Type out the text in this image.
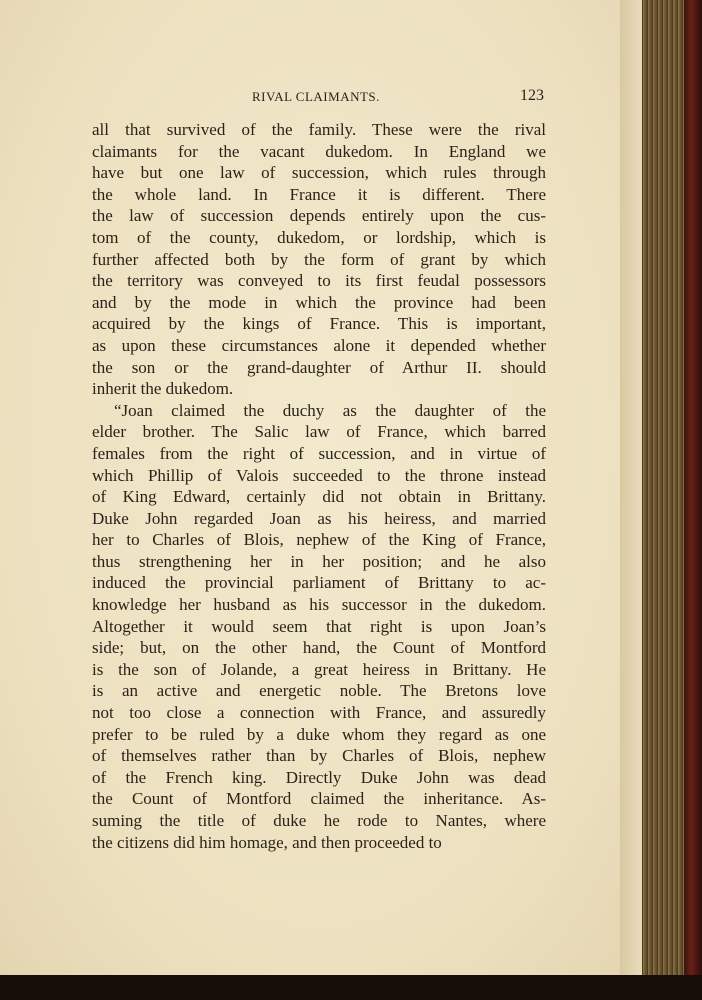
RIVAL CLAIMANTS.	123
all that survived of the family. These were the rival
claimants for the vacant dukedom. In England we
have but one law of succession, which rules through
the whole land. In France it is different. There
the law of succession depends entirely upon the cus-
tom of the county, dukedom, or lordship, which is
further affected both by the form of grant by which
the territory was conveyed to its first feudal possessors
and by the mode in which the province had been
acquired by the kings of France. This is important,
as upon these circumstances alone it depended whether
the son or the grand-daughter of Arthur II. should
inherit the dukedom.
“Joan claimed the duchy as the daughter of the
elder brother. The Salic law of France, which barred
females from the right of succession, and in virtue of
which Phillip of Valois succeeded to the throne instead
of King Edward, certainly did not obtain in Brittany.
Duke John regarded Joan as his heiress, and married
her to Charles of Blois, nephew of the King of France,
thus strengthening her in her position; and he also
induced the provincial parliament of Brittany to ac-
knowledge her husband as his successor in the dukedom.
Altogether it would seem that right is upon Joan’s
side; but, on the other hand, the Count of Montford
is the son of Jolande, a great heiress in Brittany. He
is an active and energetic noble. The Bretons love
not too close a connection with France, and assuredly
prefer to be ruled by a duke whom they regard as one
of themselves rather than by Charles of Blois, nephew
of the French king. Directly Duke John was dead
the Count of Montford claimed the inheritance. As-
suming the title of duke he rode to Nantes, where
the citizens did him homage, and then proceeded to
